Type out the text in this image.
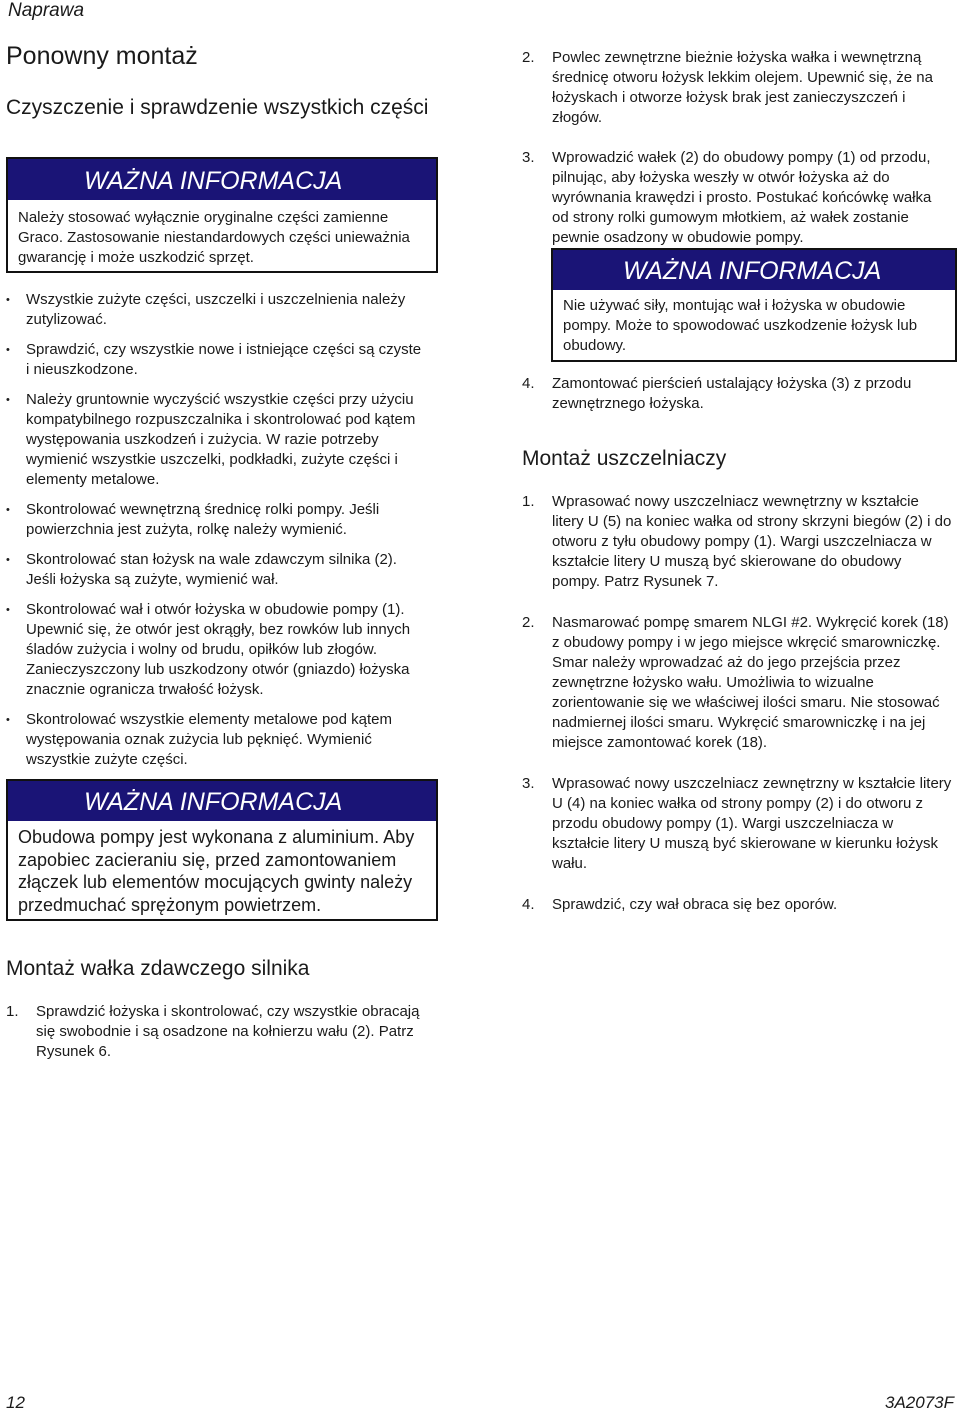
Naprawa
Ponowny montaż
Czyszczenie i sprawdzenie wszystkich części
WAŻNA INFORMACJA
Należy stosować wyłącznie oryginalne części zamienne Graco. Zastosowanie niestandardowych części unieważnia gwarancję i może uszkodzić sprzęt.
• Wszystkie zużyte części, uszczelki i uszczelnienia należy zutylizować.
• Sprawdzić, czy wszystkie nowe i istniejące części są czyste i nieuszkodzone.
• Należy gruntownie wyczyścić wszystkie części przy użyciu kompatybilnego rozpuszczalnika i skontrolować pod kątem występowania uszkodzeń i zużycia. W razie potrzeby wymienić wszystkie uszczelki, podkładki, zużyte części i elementy metalowe.
• Skontrolować wewnętrzną średnicę rolki pompy. Jeśli powierzchnia jest zużyta, rolkę należy wymienić.
• Skontrolować stan łożysk na wale zdawczym silnika (2). Jeśli łożyska są zużyte, wymienić wał.
• Skontrolować wał i otwór łożyska w obudowie pompy (1). Upewnić się, że otwór jest okrągły, bez rowków lub innych śladów zużycia i wolny od brudu, opiłków lub złogów. Zanieczyszczony lub uszkodzony otwór (gniazdo) łożyska znacznie ogranicza trwałość łożysk.
• Skontrolować wszystkie elementy metalowe pod kątem występowania oznak zużycia lub pęknięć. Wymienić wszystkie zużyte części.
WAŻNA INFORMACJA
Obudowa pompy jest wykonana z aluminium. Aby zapobiec zacieraniu się, przed zamontowaniem złączek lub elementów mocujących gwinty należy przedmuchać sprężonym powietrzem.
Montaż wałka zdawczego silnika
1. Sprawdzić łożyska i skontrolować, czy wszystkie obracają się swobodnie i są osadzone na kołnierzu wału (2). Patrz Rysunek 6.
2. Powlec zewnętrzne bieżnie łożyska wałka i wewnętrzną średnicę otworu łożysk lekkim olejem. Upewnić się, że na łożyskach i otworze łożysk brak jest zanieczyszczeń i złogów.
3. Wprowadzić wałek (2) do obudowy pompy (1) od przodu, pilnując, aby łożyska weszły w otwór łożyska aż do wyrównania krawędzi i prosto. Postukać końcówkę wałka od strony rolki gumowym młotkiem, aż wałek zostanie pewnie osadzony w obudowie pompy.
WAŻNA INFORMACJA
Nie używać siły, montując wał i łożyska w obudowie pompy. Może to spowodować uszkodzenie łożysk lub obudowy.
4. Zamontować pierścień ustalający łożyska (3) z przodu zewnętrznego łożyska.
Montaż uszczelniaczy
1. Wprasować nowy uszczelniacz wewnętrzny w kształcie litery U (5) na koniec wałka od strony skrzyni biegów (2) i do otworu z tyłu obudowy pompy (1). Wargi uszczelniacza w kształcie litery U muszą być skierowane do obudowy pompy. Patrz Rysunek 7.
2. Nasmarować pompę smarem NLGI #2. Wykręcić korek (18) z obudowy pompy i w jego miejsce wkręcić smarowniczkę. Smar należy wprowadzać aż do jego przejścia przez zewnętrzne łożysko wału. Umożliwia to wizualne zorientowanie się we właściwej ilości smaru. Nie stosować nadmiernej ilości smaru. Wykręcić smarowniczkę i na jej miejsce zamontować korek (18).
3. Wprasować nowy uszczelniacz zewnętrzny w kształcie litery U (4) na koniec wałka od strony pompy (2) i do otworu z przodu obudowy pompy (1). Wargi uszczelniacza w kształcie litery U muszą być skierowane w kierunku łożysk wału.
4. Sprawdzić, czy wał obraca się bez oporów.
12	3A2073F
